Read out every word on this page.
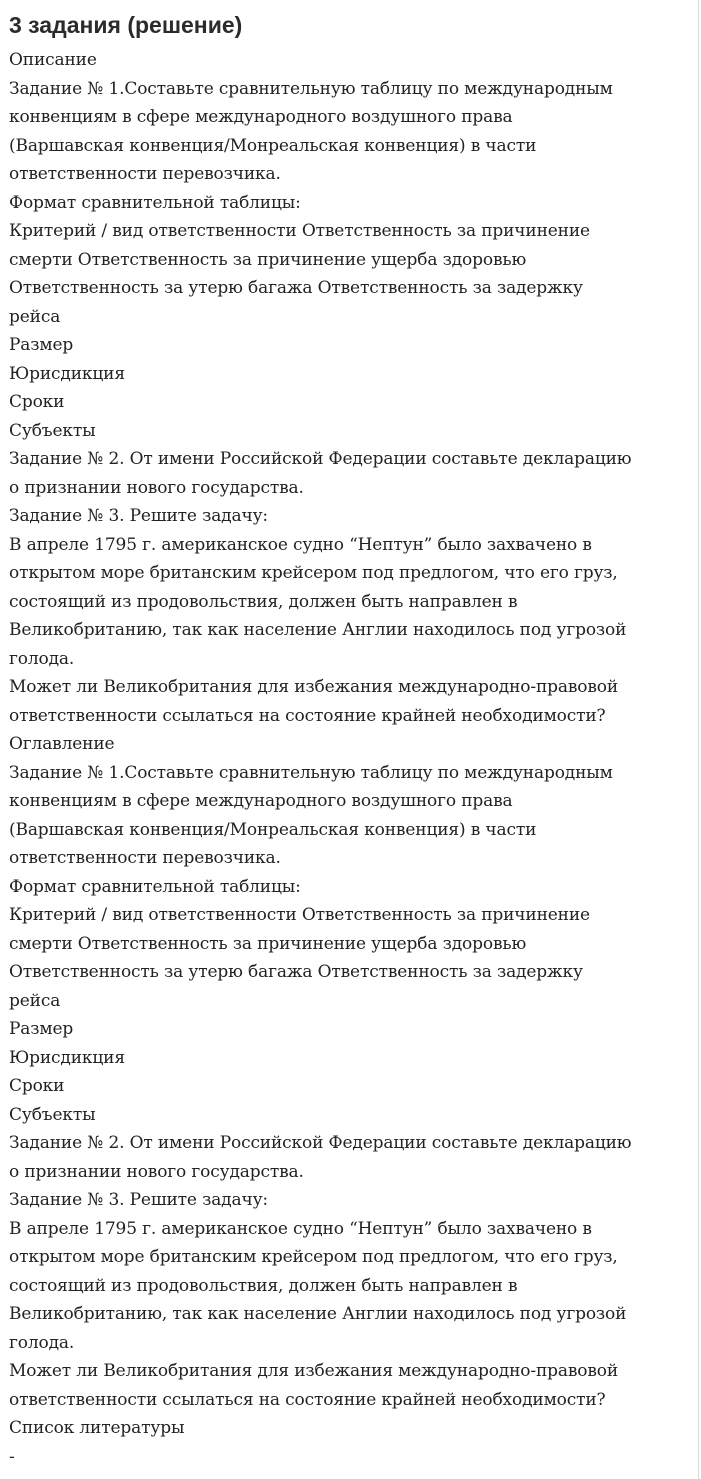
3 задания (решение)

Описание

Задание № 1.Составьте сравнительную таблицу по международным

конвенциям в сфере международного воздушного права

(Варшавская конвенция/Монреальская конвенция) в части

ответственности перевозчика.

Формат сравнительной таблицы:

Критерий / вид ответственности Ответственность за причинение

смерти Ответственность за причинение ущерба здоровью

Ответственность за утерю багажа Ответственность за задержку

рейса

Размер

Юрисдикция

Сроки

Субъекты

Задание № 2. От имени Российской Федерации составьте декларацию

о признании нового государства.

Задание № 3. Решите задачу:

В апреле 1795 г. американское судно “Нептун” было захвачено в

открытом море британским крейсером под предлогом, что его груз,

состоящий из продовольствия, должен быть направлен в

Великобританию, так как население Англии находилось под угрозой

голода.

Может ли Великобритания для избежания международно-правовой

ответственности ссылаться на состояние крайней необходимости?

Оглавление

Задание № 1.Составьте сравнительную таблицу по международным

конвенциям в сфере международного воздушного права

(Варшавская конвенция/Монреальская конвенция) в части

ответственности перевозчика.

Формат сравнительной таблицы:

Критерий / вид ответственности Ответственность за причинение

смерти Ответственность за причинение ущерба здоровью

Ответственность за утерю багажа Ответственность за задержку

рейса

Размер

Юрисдикция

Сроки

Субъекты

Задание № 2. От имени Российской Федерации составьте декларацию

о признании нового государства.

Задание № 3. Решите задачу:

В апреле 1795 г. американское судно “Нептун” было захвачено в

открытом море британским крейсером под предлогом, что его груз,

состоящий из продовольствия, должен быть направлен в

Великобританию, так как население Англии находилось под угрозой

голода.

Может ли Великобритания для избежания международно-правовой

ответственности ссылаться на состояние крайней необходимости?

Список литературы

-
